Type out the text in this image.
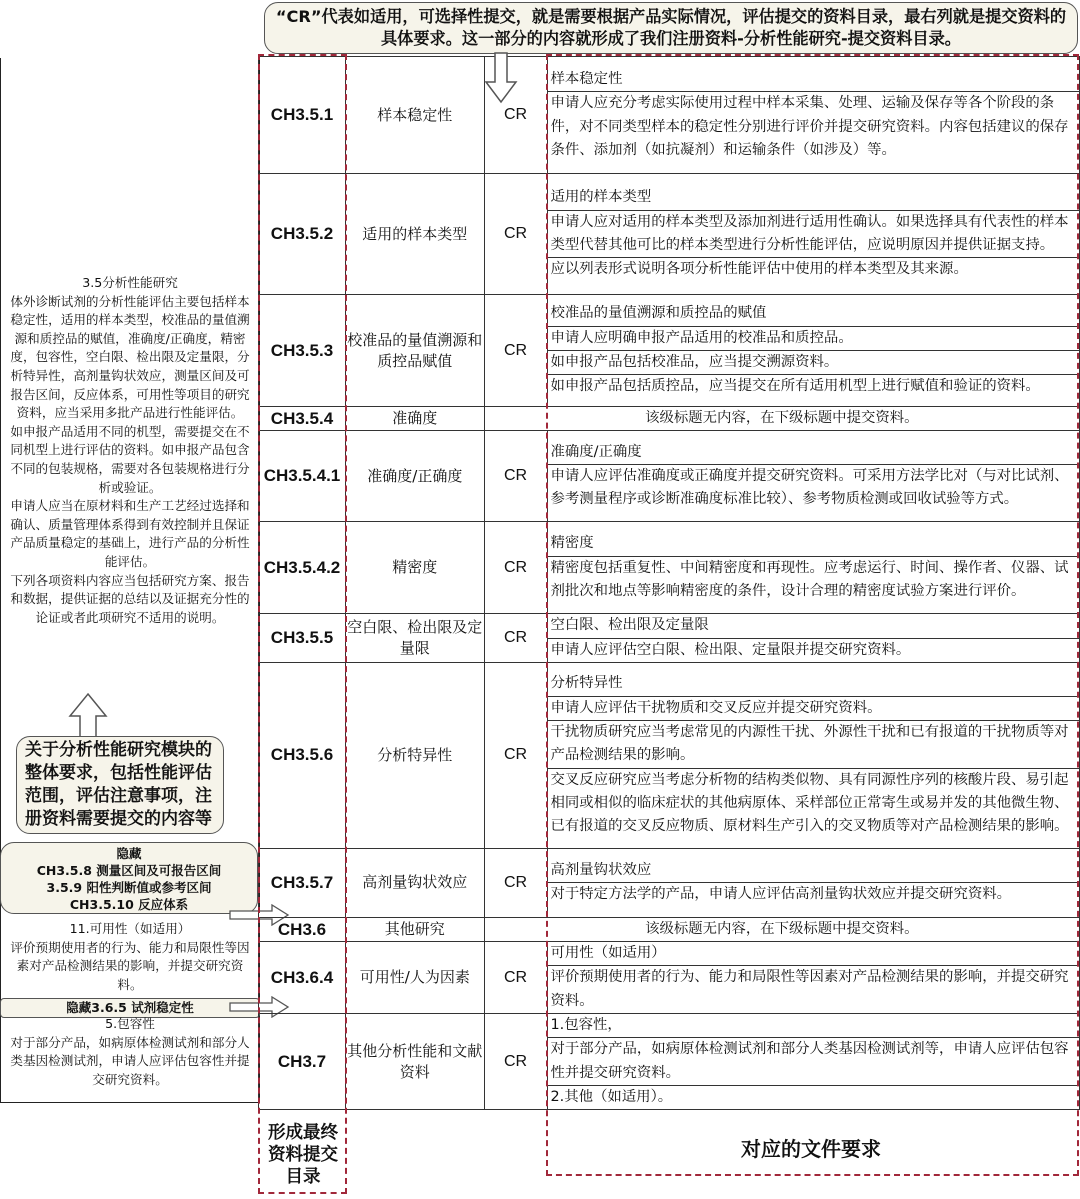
3.5分析性能研究
体外诊断试剂的分析性能评估主要包括样本稳定性，适用的样本类型，校准品的量值溯源和质控品的赋值，准确度/正确度，精密度，包容性，空白限、检出限及定量限，分析特异性，高剂量钩状效应，测量区间及可报告区间，反应体系，可用性等项目的研究资料，应当采用多批产品进行性能评估。
如申报产品适用不同的机型，需要提交在不同机型上进行评估的资料。如申报产品包含不同的包装规格，需要对各包装规格进行分析或验证。
申请人应当在原材料和生产工艺经过选择和确认、质量管理体系得到有效控制并且保证产品质量稳定的基础上，进行产品的分析性能评估。
下列各项资料内容应当包括研究方案、报告和数据，提供证据的总结以及证据充分性的论证或者此项研究不适用的说明。
关于分析性能研究模块的整体要求，包括性能评估范围，评估注意事项，注册资料需要提交的内容等
隐藏
CH3.5.8 测量区间及可报告区间
3.5.9 阳性判断值或参考区间
CH3.5.10 反应体系
11.可用性（如适用）
评价预期使用者的行为、能力和局限性等因素对产品检测结果的影响，并提交研究资料。
隐藏3.6.5 试剂稳定性
5.包容性
对于部分产品，如病原体检测试剂和部分人类基因检测试剂，申请人应评估包容性并提交研究资料。
CH3.5.1	样本稳定性	CR	样本稳定性
申请人应充分考虑实际使用过程中样本采集、处理、运输及保存等各个阶段的条件，对不同类型样本的稳定性分别进行评价并提交研究资料。内容包括建议的保存条件、添加剂（如抗凝剂）和运输条件（如涉及）等。

CH3.5.2	适用的样本类型	CR	适用的样本类型
申请人应对适用的样本类型及添加剂进行适用性确认。如果选择具有代表性的样本类型代替其他可比的样本类型进行分析性能评估，应说明原因并提供证据支持。
应以列表形式说明各项分析性能评估中使用的样本类型及其来源。

CH3.5.3	校准品的量值溯源和质控品赋值	CR	校准品的量值溯源和质控品的赋值
申请人应明确申报产品适用的校准品和质控品。
如申报产品包括校准品，应当提交溯源资料。
如申报产品包括质控品，应当提交在所有适用机型上进行赋值和验证的资料。

CH3.5.4	准确度	该级标题无内容，在下级标题中提交资料。	
CH3.5.4.1	准确度/正确度	CR	准确度/正确度
申请人应评估准确度或正确度并提交研究资料。可采用方法学比对（与对比试剂、参考测量程序或诊断准确度标准比较）、参考物质检测或回收试验等方式。

CH3.5.4.2	精密度	CR	精密度
精密度包括重复性、中间精密度和再现性。应考虑运行、时间、操作者、仪器、试剂批次和地点等影响精密度的条件，设计合理的精密度试验方案进行评价。

CH3.5.5	空白限、检出限及定量限	CR	空白限、检出限及定量限
申请人应评估空白限、检出限、定量限并提交研究资料。

CH3.5.6	分析特异性	CR	分析特异性
申请人应评估干扰物质和交叉反应并提交研究资料。
干扰物质研究应当考虑常见的内源性干扰、外源性干扰和已有报道的干扰物质等对产品检测结果的影响。
交叉反应研究应当考虑分析物的结构类似物、具有同源性序列的核酸片段、易引起相同或相似的临床症状的其他病原体、采样部位正常寄生或易并发的其他微生物、已有报道的交叉反应物质、原材料生产引入的交叉物质等对产品检测结果的影响。

CH3.5.7	高剂量钩状效应	CR	高剂量钩状效应
对于特定方法学的产品，申请人应评估高剂量钩状效应并提交研究资料。

CH3.6	其他研究	该级标题无内容，在下级标题中提交资料。	
CH3.6.4	可用性/人为因素	CR	可用性（如适用）
评价预期使用者的行为、能力和局限性等因素对产品检测结果的影响，并提交研究资料。

CH3.7	其他分析性能和文献资料	CR	1.包容性，
对于部分产品，如病原体检测试剂和部分人类基因检测试剂等，申请人应评估包容性并提交研究资料。
2.其他（如适用）。
“CR”代表如适用，可选择性提交，就是需要根据产品实际情况，评估提交的资料目录，最右列就是提交资料的具体要求。这一部分的内容就形成了我们注册资料-分析性能研究-提交资料目录。
形成最终资料提交目录
对应的文件要求
